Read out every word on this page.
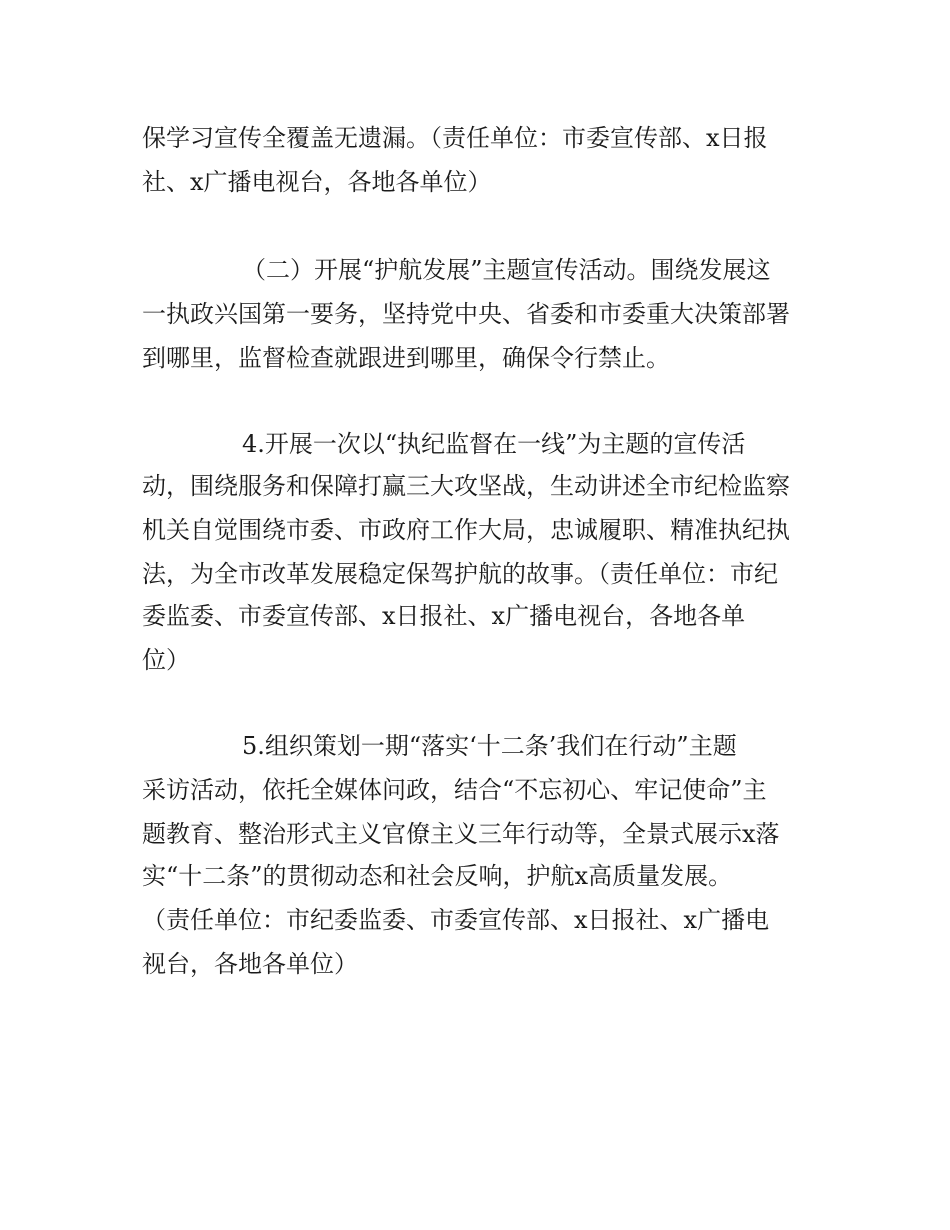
保学习宣传全覆盖无遗漏。（责任单位：市委宣传部、x日报
社、x广播电视台，各地各单位）
（二）开展“护航发展”主题宣传活动。围绕发展这
一执政兴国第一要务，坚持党中央、省委和市委重大决策部署
到哪里，监督检查就跟进到哪里，确保令行禁止。
4.开展一次以“执纪监督在一线”为主题的宣传活
动，围绕服务和保障打赢三大攻坚战，生动讲述全市纪检监察
机关自觉围绕市委、市政府工作大局，忠诚履职、精准执纪执
法，为全市改革发展稳定保驾护航的故事。（责任单位：市纪
委监委、市委宣传部、x日报社、x广播电视台，各地各单
位）
5.组织策划一期“落实‘十二条’我们在行动”主题
采访活动，依托全媒体问政，结合“不忘初心、牢记使命”主
题教育、整治形式主义官僚主义三年行动等，全景式展示x落
实“十二条”的贯彻动态和社会反响，护航x高质量发展。
（责任单位：市纪委监委、市委宣传部、x日报社、x广播电
视台，各地各单位）
